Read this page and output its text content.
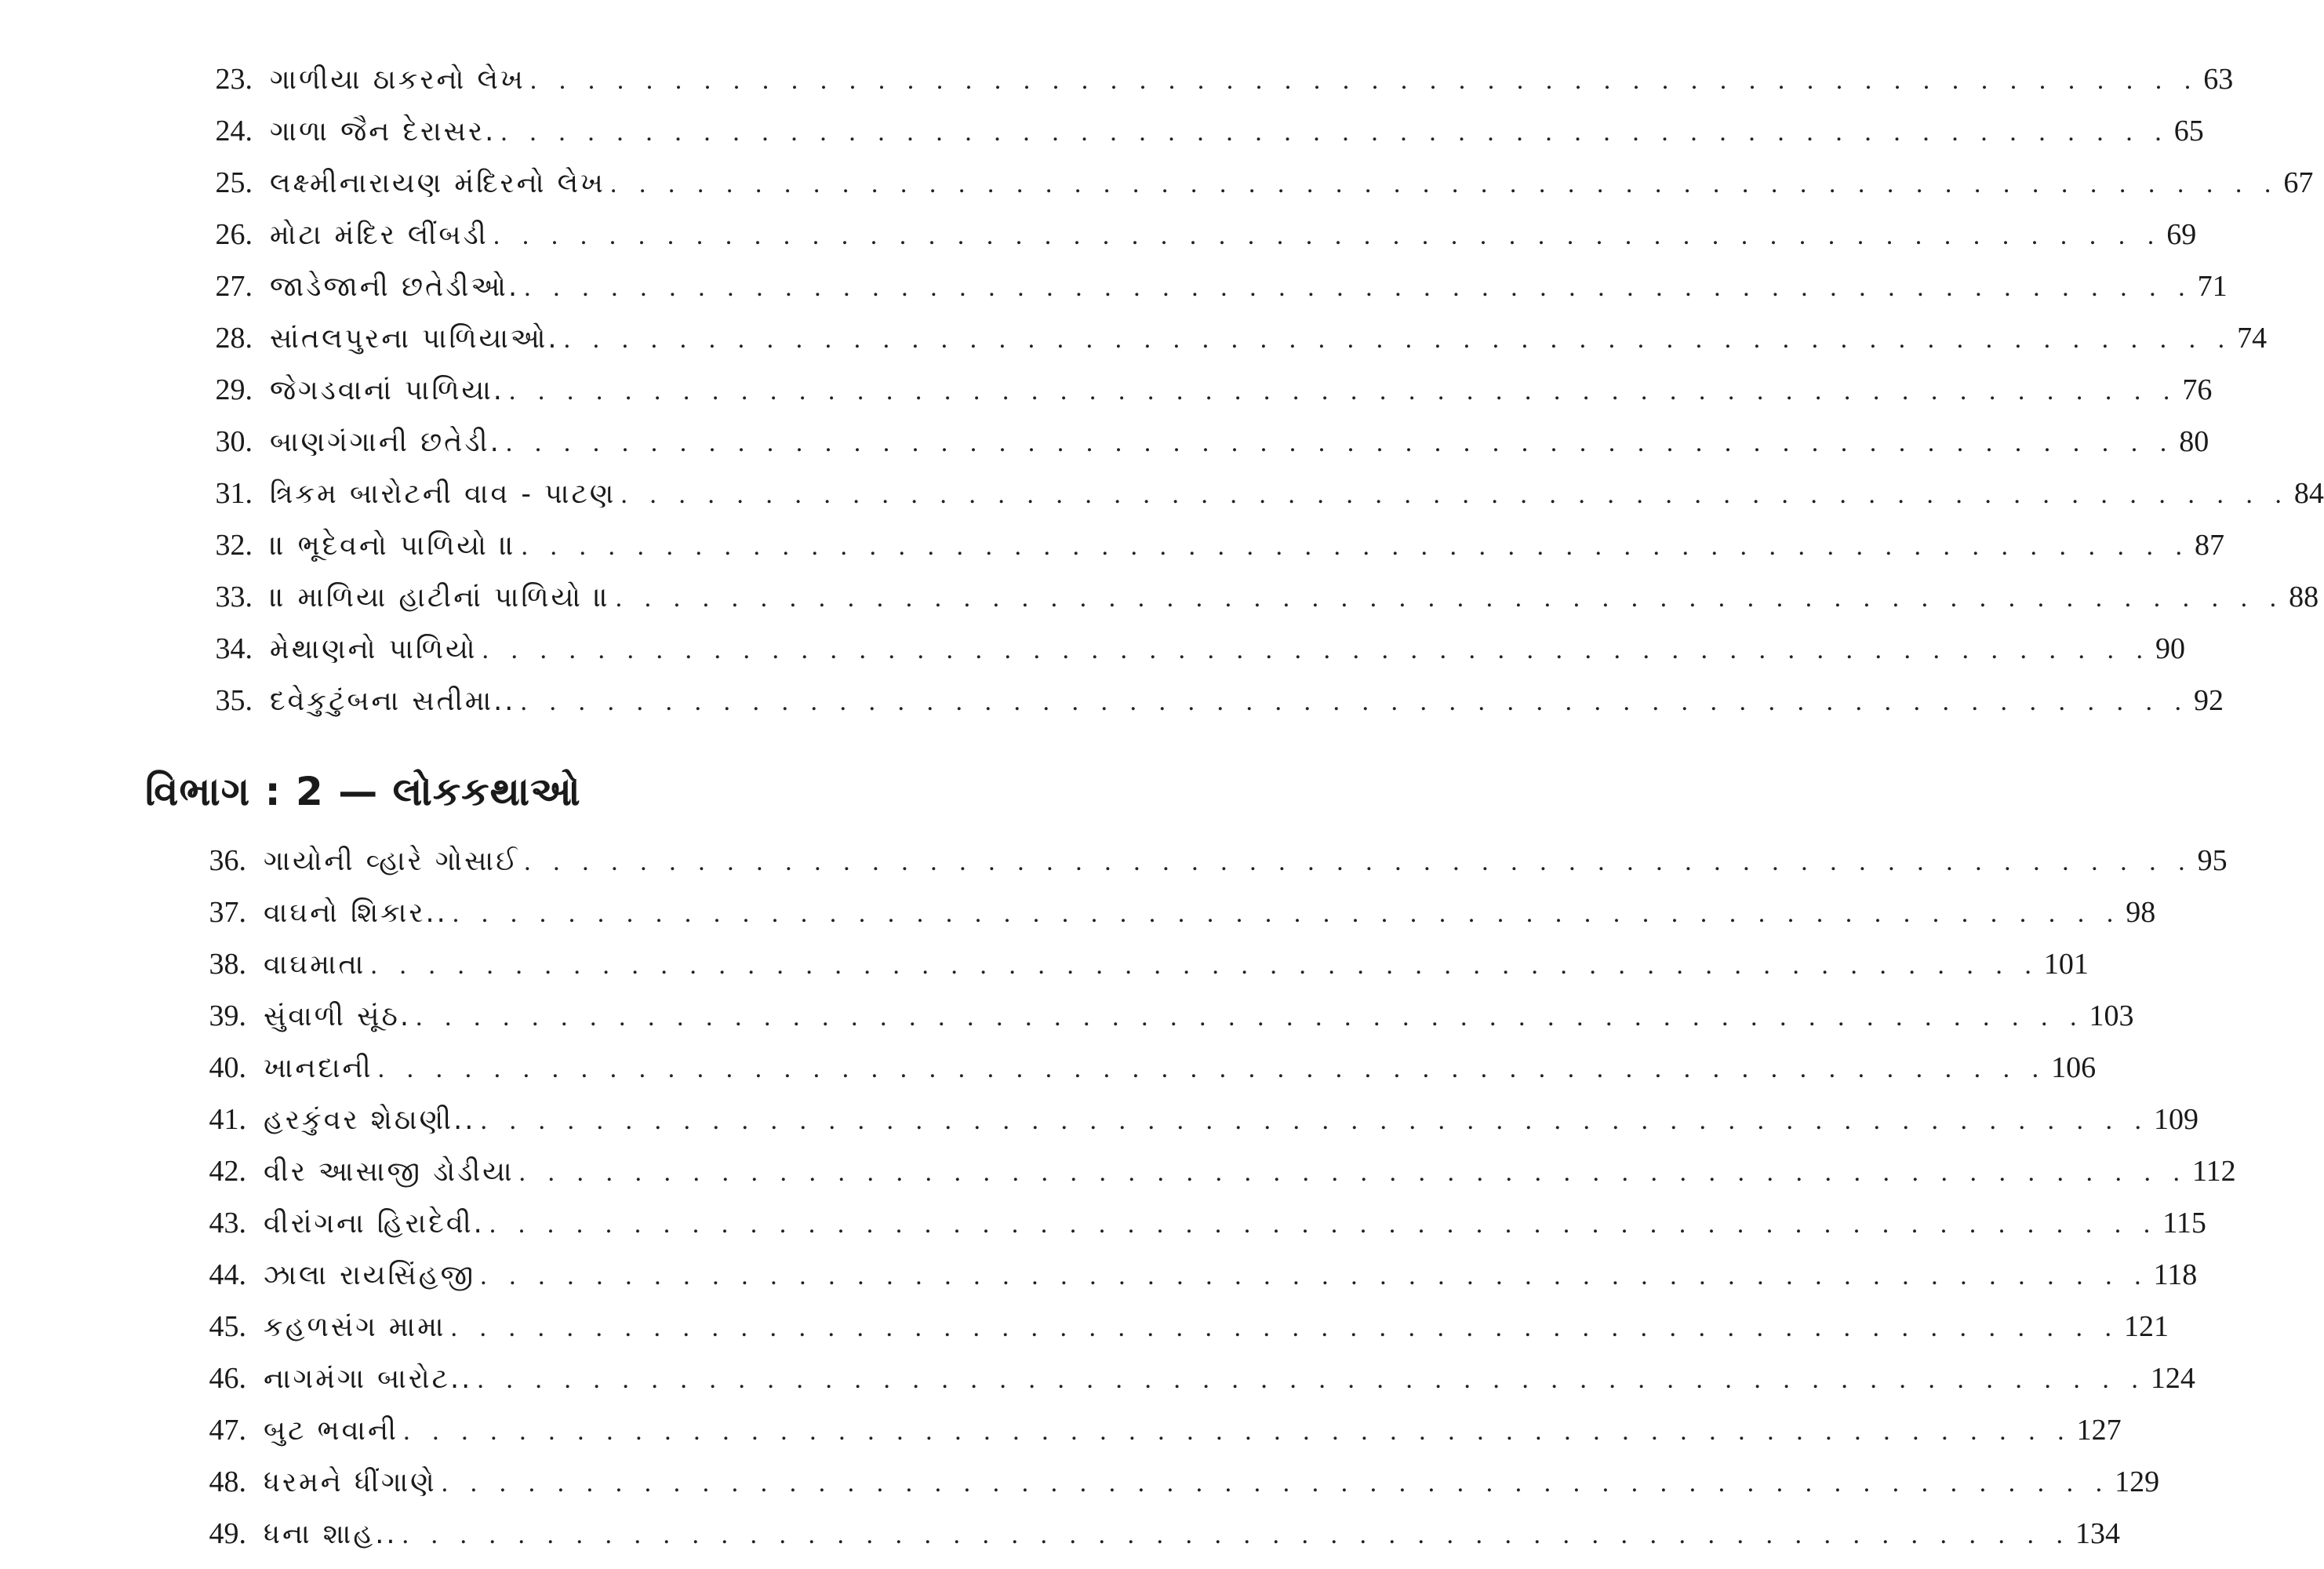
23. ગાળીયા ઠાકરનો લેખ . . . . . . . . . . . . . . . . . . . . . . . . . . . . . . . . . . . . . . . . . . . . . . . . . . . . . . . . . . 63
24. ગાળા જૈન દેરાસર. . . . . . . . . . . . . . . . . . . . . . . . . . . . . . . . . . . . . . . . . . . . . . . . . . . . . . . . . . . 65
25. લક્ષ્મીનારાયણ મંદિરનો લેખ . . . . . . . . . . . . . . . . . . . . . . . . . . . . . . . . . . . . . . . . . . . . . . . . . . . . . . . . . . 67
26. મોટા મંદિર લીંબડી . . . . . . . . . . . . . . . . . . . . . . . . . . . . . . . . . . . . . . . . . . . . . . . . . . . . . . . . . . 69
27. જાડેજાની છતેડીઓ. . . . . . . . . . . . . . . . . . . . . . . . . . . . . . . . . . . . . . . . . . . . . . . . . . . . . . . . . . . 71
28. સાંતલપુરના પાળિયાઓ. . . . . . . . . . . . . . . . . . . . . . . . . . . . . . . . . . . . . . . . . . . . . . . . . . . . . . . . . . . 74
29. જેગડવાનાં પાળિયા. . . . . . . . . . . . . . . . . . . . . . . . . . . . . . . . . . . . . . . . . . . . . . . . . . . . . . . . . . . 76
30. બાણગંગાની છતેડી. . . . . . . . . . . . . . . . . . . . . . . . . . . . . . . . . . . . . . . . . . . . . . . . . . . . . . . . . . . 80
31. ત્રિકમ બારોટની વાવ - પાટણ . . . . . . . . . . . . . . . . . . . . . . . . . . . . . . . . . . . . . . . . . . . . . . . . . . . . . . . . . . 84
32. ॥ ભૂદેવનો પાળિયો ॥ . . . . . . . . . . . . . . . . . . . . . . . . . . . . . . . . . . . . . . . . . . . . . . . . . . . . . . . . . . 87
33. ॥ માળિયા હાટીનાં પાળિયો ॥ . . . . . . . . . . . . . . . . . . . . . . . . . . . . . . . . . . . . . . . . . . . . . . . . . . . . . . . . . . 88
34. મેથાણનો પાળિયો . . . . . . . . . . . . . . . . . . . . . . . . . . . . . . . . . . . . . . . . . . . . . . . . . . . . . . . . . . 90
35. દવેકુટુંબના સતીમા.. . . . . . . . . . . . . . . . . . . . . . . . . . . . . . . . . . . . . . . . . . . . . . . . . . . . . . . . . . . 92
વિભાગ : 2 — લોકકથાઓ
36. ગાયોની વ્હારે ગોસાઈ . . . . . . . . . . . . . . . . . . . . . . . . . . . . . . . . . . . . . . . . . . . . . . . . . . . . . . . . . . 95
37. વાઘનો શિકાર.. . . . . . . . . . . . . . . . . . . . . . . . . . . . . . . . . . . . . . . . . . . . . . . . . . . . . . . . . . . 98
38. વાઘમાતા . . . . . . . . . . . . . . . . . . . . . . . . . . . . . . . . . . . . . . . . . . . . . . . . . . . . . . . . . . 101
39. સુંવાળી સૂંઠ. . . . . . . . . . . . . . . . . . . . . . . . . . . . . . . . . . . . . . . . . . . . . . . . . . . . . . . . . . . 103
40. ખાનદાની . . . . . . . . . . . . . . . . . . . . . . . . . . . . . . . . . . . . . . . . . . . . . . . . . . . . . . . . . . 106
41. હરકુંવર શેઠાણી.. . . . . . . . . . . . . . . . . . . . . . . . . . . . . . . . . . . . . . . . . . . . . . . . . . . . . . . . . . . 109
42. વીર આસાજી ડોડીયા . . . . . . . . . . . . . . . . . . . . . . . . . . . . . . . . . . . . . . . . . . . . . . . . . . . . . . . . . . 112
43. વીરાંગના હિરાદેવી. . . . . . . . . . . . . . . . . . . . . . . . . . . . . . . . . . . . . . . . . . . . . . . . . . . . . . . . . . . 115
44. ઝાલા રાયસિંહજી . . . . . . . . . . . . . . . . . . . . . . . . . . . . . . . . . . . . . . . . . . . . . . . . . . . . . . . . . . 118
45. કહળસંગ મામા . . . . . . . . . . . . . . . . . . . . . . . . . . . . . . . . . . . . . . . . . . . . . . . . . . . . . . . . . . 121
46. નાગમંગા બારોટ.. . . . . . . . . . . . . . . . . . . . . . . . . . . . . . . . . . . . . . . . . . . . . . . . . . . . . . . . . . . 124
47. બુટ ભવાની . . . . . . . . . . . . . . . . . . . . . . . . . . . . . . . . . . . . . . . . . . . . . . . . . . . . . . . . . . 127
48. ધરમને ધીંગાણે . . . . . . . . . . . . . . . . . . . . . . . . . . . . . . . . . . . . . . . . . . . . . . . . . . . . . . . . . . 129
49. ધના શાહ.. . . . . . . . . . . . . . . . . . . . . . . . . . . . . . . . . . . . . . . . . . . . . . . . . . . . . . . . . . . 134
